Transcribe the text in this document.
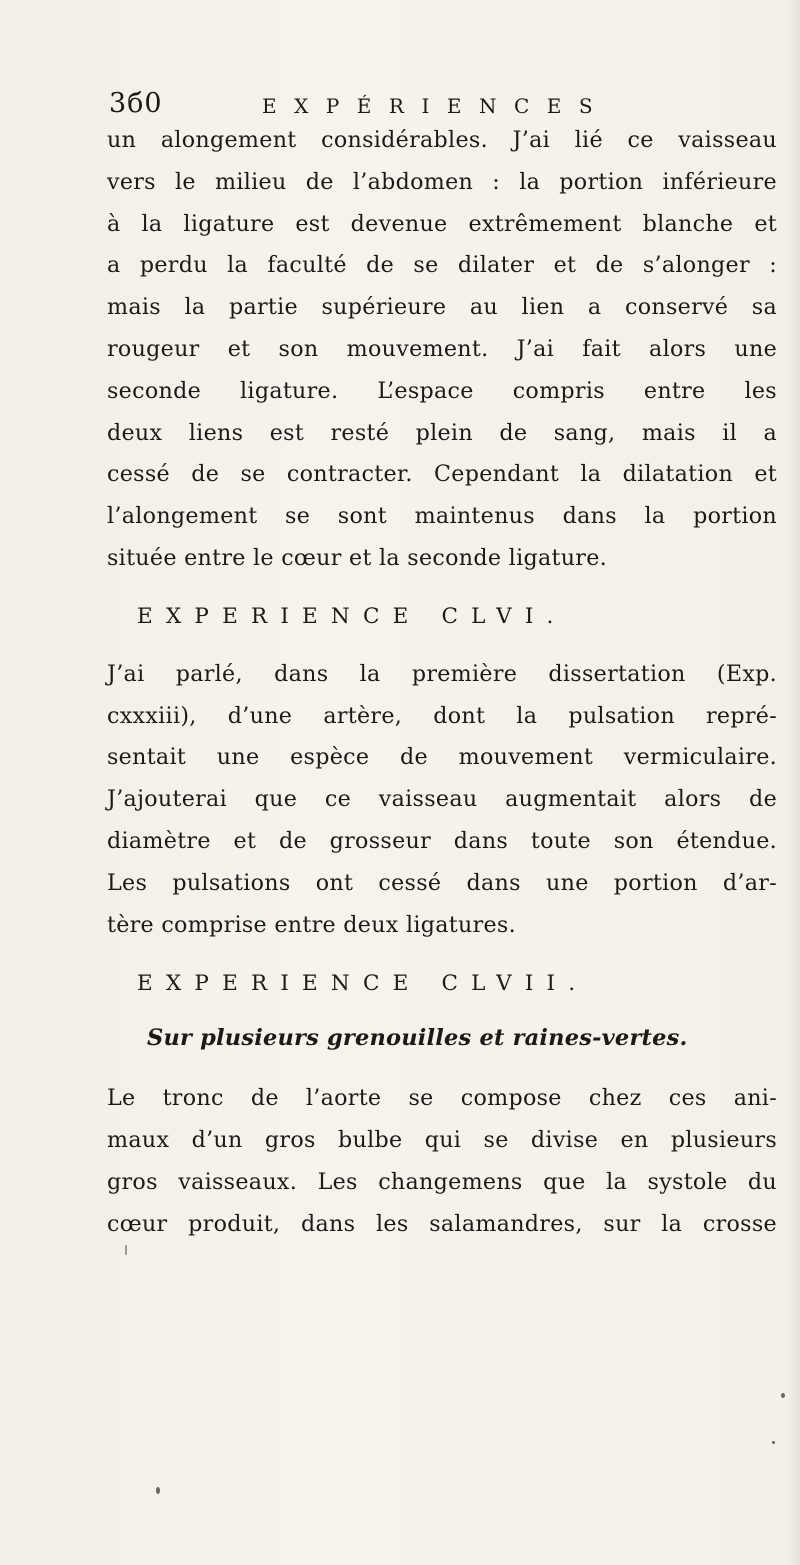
3б0	EXPÉRIENCES
un alongement considérables. J’ai lié ce vaisseau
vers le milieu de l’abdomen : la portion inférieure
à la ligature est devenue extrêmement blanche et
a perdu la faculté de se dilater et de s’alonger :
mais la partie supérieure au lien a conservé sa
rougeur et son mouvement. J’ai fait alors une
seconde ligature. L’espace compris entre les
deux liens est resté plein de sang, mais il a
cessé de se contracter. Cependant la dilatation et
l’alongement se sont maintenus dans la portion
située entre le cœur et la seconde ligature.
EXPERIENCE CLVI.
J’ai parlé, dans la première dissertation (Exp.
cxxxiii), d’une artère, dont la pulsation repré-
sentait une espèce de mouvement vermiculaire.
J’ajouterai que ce vaisseau augmentait alors de
diamètre et de grosseur dans toute son étendue.
Les pulsations ont cessé dans une portion d’ar-
tère comprise entre deux ligatures.
EXPERIENCE CLVII.
Sur plusieurs grenouilles et raines-vertes.
Le tronc de l’aorte se compose chez ces ani-
maux d’un gros bulbe qui se divise en plusieurs
gros vaisseaux. Les changemens que la systole du
cœur produit, dans les salamandres, sur la crosse
